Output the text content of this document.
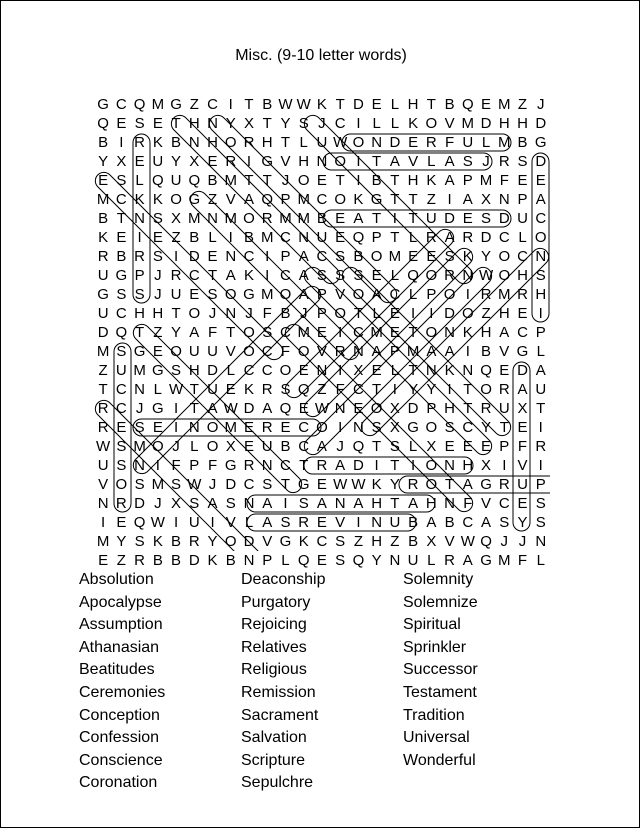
Misc. (9-10 letter words)
G C Q M G Z C I T B W W K T D E L H T B Q E M Z J
Q E S E T H N Y X T Y S J C I L L K O V M D H H D
B I R K B N H O R H T L U W O N D E R F U L M B G
Y X E U Y X E R I G V H N O I T A V L A S J R S D
E S L Q U Q B M T T J O E T I B T H K A P M F E E
M C K K O G Z V A Q P M C O K G T T Z I A X N P A
B T N S X M N M O R M M B E A T I T U D E S D U C
K E I E Z B L I B M C N U E Q P T L R A R D C L O
R B R S I D E N C I P A C S B O M E E S K Y O C N
U G P J R C T A K I C A S S S E L Q O R N W O H S
G S S J U E S O G M O A P V O A C L P O I R M R H
U C H H T O J N J F B J P O T L E I I D O Z H E I
D Q T Z Y A F T O S C M E I C M E T O N K H A C P
M S G E O U U V O C F O V R N A P M A A I B V G L
Z U M G S H D L C C O E N I X E L T N K N Q E D A
T C N L W T U E K R S Q Z F C T I Y Y I T O R A U
R C J G I T A W D A Q E W N E O X D P H T R U X T
R E S E I N O M E R E C O I N S X G O S C Y T E I
W S M O J L O X E U B C A J Q T S L X E E E P F R
U S N I F P F G R N C T R A D I T I O N H X I V I
V O S M S W J D C S T G E W W K Y R O T A G R U P
N R D J X S A S N A I S A N A H T A H N F V C E S
I E Q W I U I V L A S R E V I N U B A B C A S Y S
M Y S K B R Y O D V G K C S Z H Z B X V W Q J J N
E Z R B B D K B N P L Q E S Q Y N U L R A G M F L
Absolution
Apocalypse
Assumption
Athanasian
Beatitudes
Ceremonies
Conception
Confession
Conscience
Coronation
Deaconship
Purgatory
Rejoicing
Relatives
Religious
Remission
Sacrament
Salvation
Scripture
Sepulchre
Solemnity
Solemnize
Spiritual
Sprinkler
Successor
Testament
Tradition
Universal
Wonderful
